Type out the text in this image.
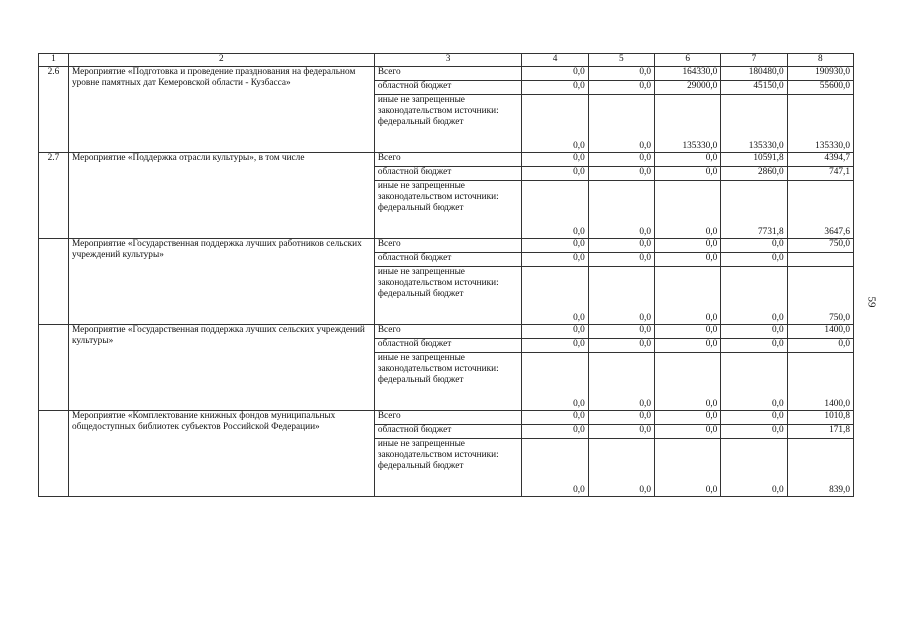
1	2	3	4	5	6	7	8
2.6	Мероприятие «Подготовка и проведение празднования на федеральном уровне памятных дат Кемеровской области - Кузбасса»	Всего	0,0	0,0	164330,0	180480,0	190930,0
		областной бюджет	0,0	0,0	29000,0	45150,0	55600,0
		иные не запрещенные законодательством источники: федеральный бюджет	0,0	0,0	135330,0	135330,0	135330,0
2.7	Мероприятие «Поддержка отрасли культуры», в том числе	Всего	0,0	0,0	0,0	10591,8	4394,7
		областной бюджет	0,0	0,0	0,0	2860,0	747,1
		иные не запрещенные законодательством источники: федеральный бюджет	0,0	0,0	0,0	7731,8	3647,6
	Мероприятие «Государственная поддержка лучших работников сельских учреждений культуры»	Всего	0,0	0,0	0,0	0,0	750,0
		областной бюджет	0,0	0,0	0,0	0,0	
		иные не запрещенные законодательством источники: федеральный бюджет	0,0	0,0	0,0	0,0	750,0
	Мероприятие «Государственная поддержка лучших сельских учреждений культуры»	Всего	0,0	0,0	0,0	0,0	1400,0
		областной бюджет	0,0	0,0	0,0	0,0	0,0
		иные не запрещенные законодательством источники: федеральный бюджет	0,0	0,0	0,0	0,0	1400,0
	Мероприятие «Комплектование книжных фондов муниципальных общедоступных библиотек субъектов Российской Федерации»	Всего	0,0	0,0	0,0	0,0	1010,8
		областной бюджет	0,0	0,0	0,0	0,0	171,8
		иные не запрещенные законодательством источники: федеральный бюджет	0,0	0,0	0,0	0,0	839,0
59
